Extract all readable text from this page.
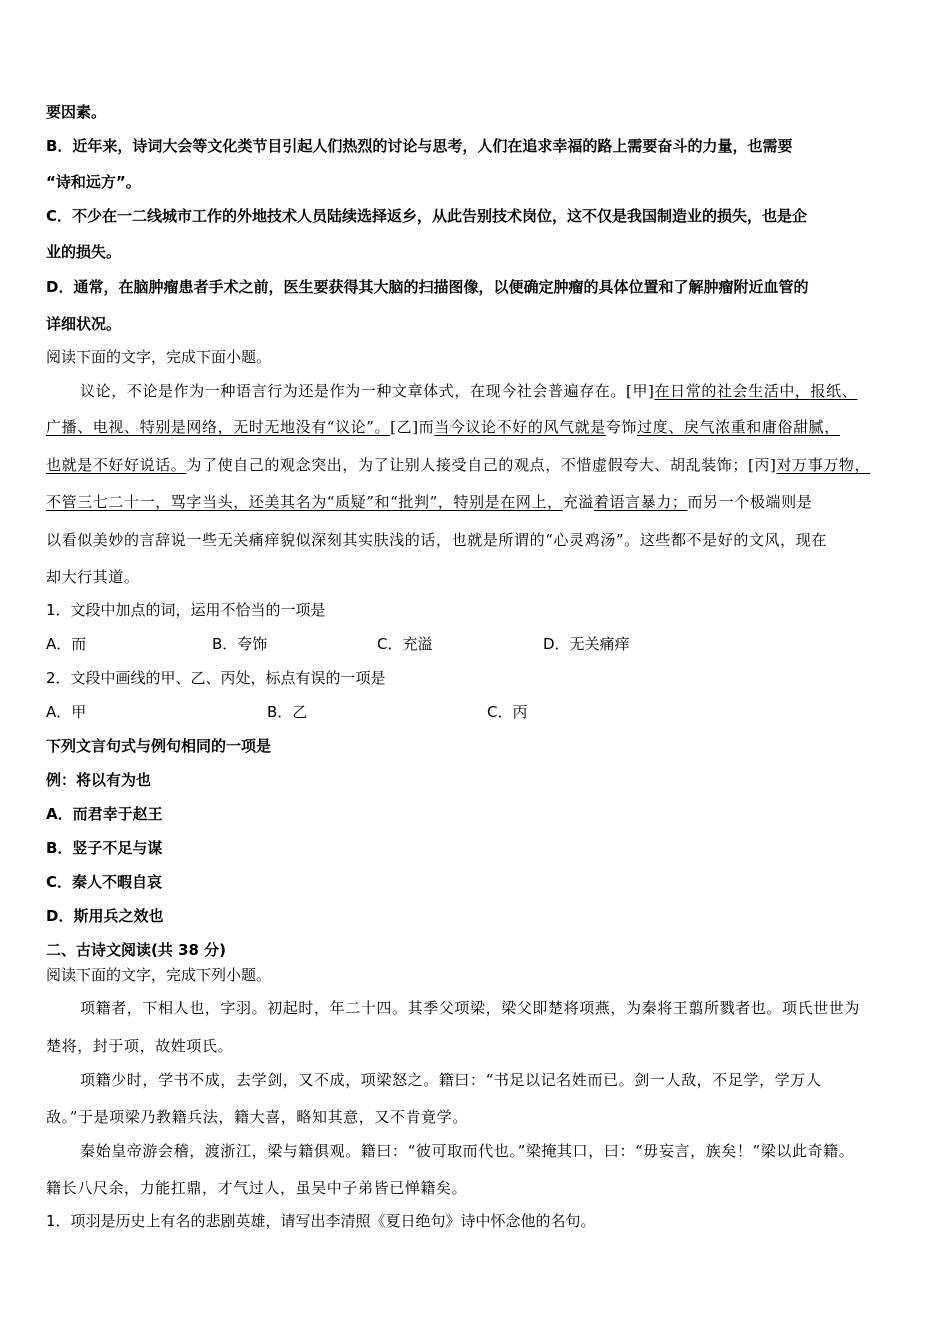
要因素。
B．近年来，诗词大会等文化类节目引起人们热烈的讨论与思考，人们在追求幸福的路上需要奋斗的力量，也需要
“诗和远方”。
C．不少在一二线城市工作的外地技术人员陆续选择返乡，从此告别技术岗位，这不仅是我国制造业的损失，也是企
业的损失。
D．通常，在脑肿瘤患者手术之前，医生要获得其大脑的扫描图像，以便确定肿瘤的具体位置和了解肿瘤附近血管的
详细状况。
阅读下面的文字，完成下面小题。
议论，不论是作为一种语言行为还是作为一种文章体式，在现今社会普遍存在。[甲]在日常的社会生活中，报纸、
广播、电视、特别是网络，无时无地没有“议论”。[乙]而当今议论不好的风气就是夸饰过度、戾气浓重和庸俗甜腻，
也就是不好好说话。为了使自己的观念突出，为了让别人接受自己的观点，不惜虚假夸大、胡乱装饰；[丙]对万事万物，
不管三七二十一，骂字当头，还美其名为“质疑”和“批判”，特别是在网上，充溢着语言暴力；而另一个极端则是
以看似美妙的言辞说一些无关痛痒貌似深刻其实肤浅的话，也就是所谓的“心灵鸡汤”。这些都不是好的文风，现在
却大行其道。
1．文段中加点的词，运用不恰当的一项是
A．而	B．夸饰	C．充溢	D．无关痛痒
2．文段中画线的甲、乙、丙处，标点有误的一项是
A．甲	B．乙	C．丙
下列文言句式与例句相同的一项是
例：将以有为也
A．而君幸于赵王
B．竖子不足与谋
C．秦人不暇自哀
D．斯用兵之效也
二、古诗文阅读(共 38 分)
阅读下面的文字，完成下列小题。
项籍者，下相人也，字羽。初起时，年二十四。其季父项梁，梁父即楚将项燕，为秦将王翦所戮者也。项氏世世为
楚将，封于项，故姓项氏。
项籍少时，学书不成，去学剑，又不成，项梁怒之。籍曰：“书足以记名姓而已。剑一人敌，不足学，学万人
敌。”于是项梁乃教籍兵法，籍大喜，略知其意，又不肯竟学。
秦始皇帝游会稽，渡浙江，梁与籍俱观。籍曰：“彼可取而代也。”梁掩其口，曰：“毋妄言，族矣！”梁以此奇籍。
籍长八尺余，力能扛鼎，才气过人，虽吴中子弟皆已惮籍矣。
1．项羽是历史上有名的悲剧英雄，请写出李清照《夏日绝句》诗中怀念他的名句。
